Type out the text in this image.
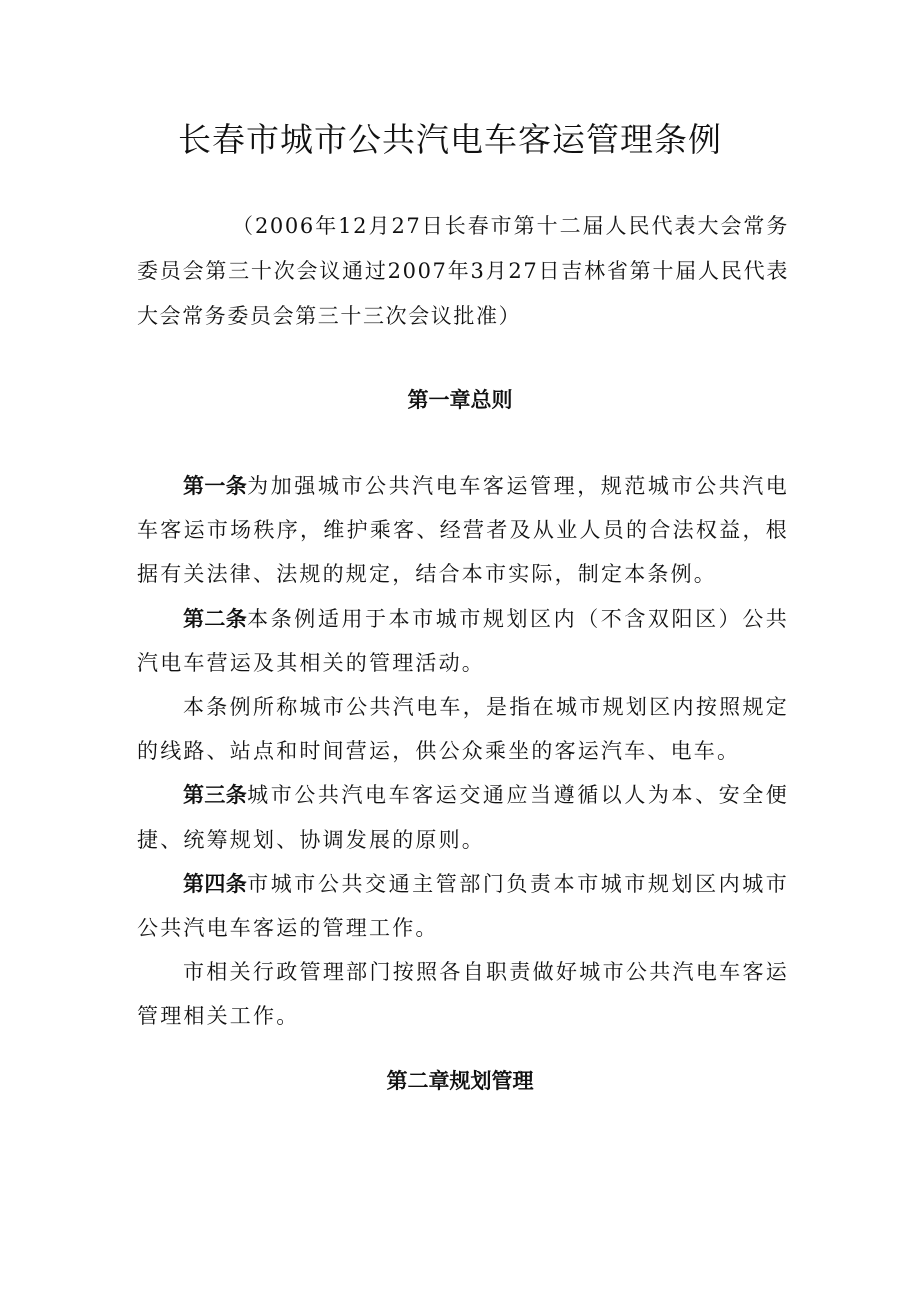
长春市城市公共汽电车客运管理条例

（2006年12月27日长春市第十二届人民代表大会常务委员会第三十次会议通过2007年3月27日吉林省第十届人民代表大会常务委员会第三十三次会议批准）

第一章总则

第一条为加强城市公共汽电车客运管理，规范城市公共汽电车客运市场秩序，维护乘客、经营者及从业人员的合法权益，根据有关法律、法规的规定，结合本市实际，制定本条例。

第二条本条例适用于本市城市规划区内（不含双阳区）公共汽电车营运及其相关的管理活动。

本条例所称城市公共汽电车，是指在城市规划区内按照规定的线路、站点和时间营运，供公众乘坐的客运汽车、电车。

第三条城市公共汽电车客运交通应当遵循以人为本、安全便捷、统筹规划、协调发展的原则。

第四条市城市公共交通主管部门负责本市城市规划区内城市公共汽电车客运的管理工作。

市相关行政管理部门按照各自职责做好城市公共汽电车客运管理相关工作。

第二章规划管理
